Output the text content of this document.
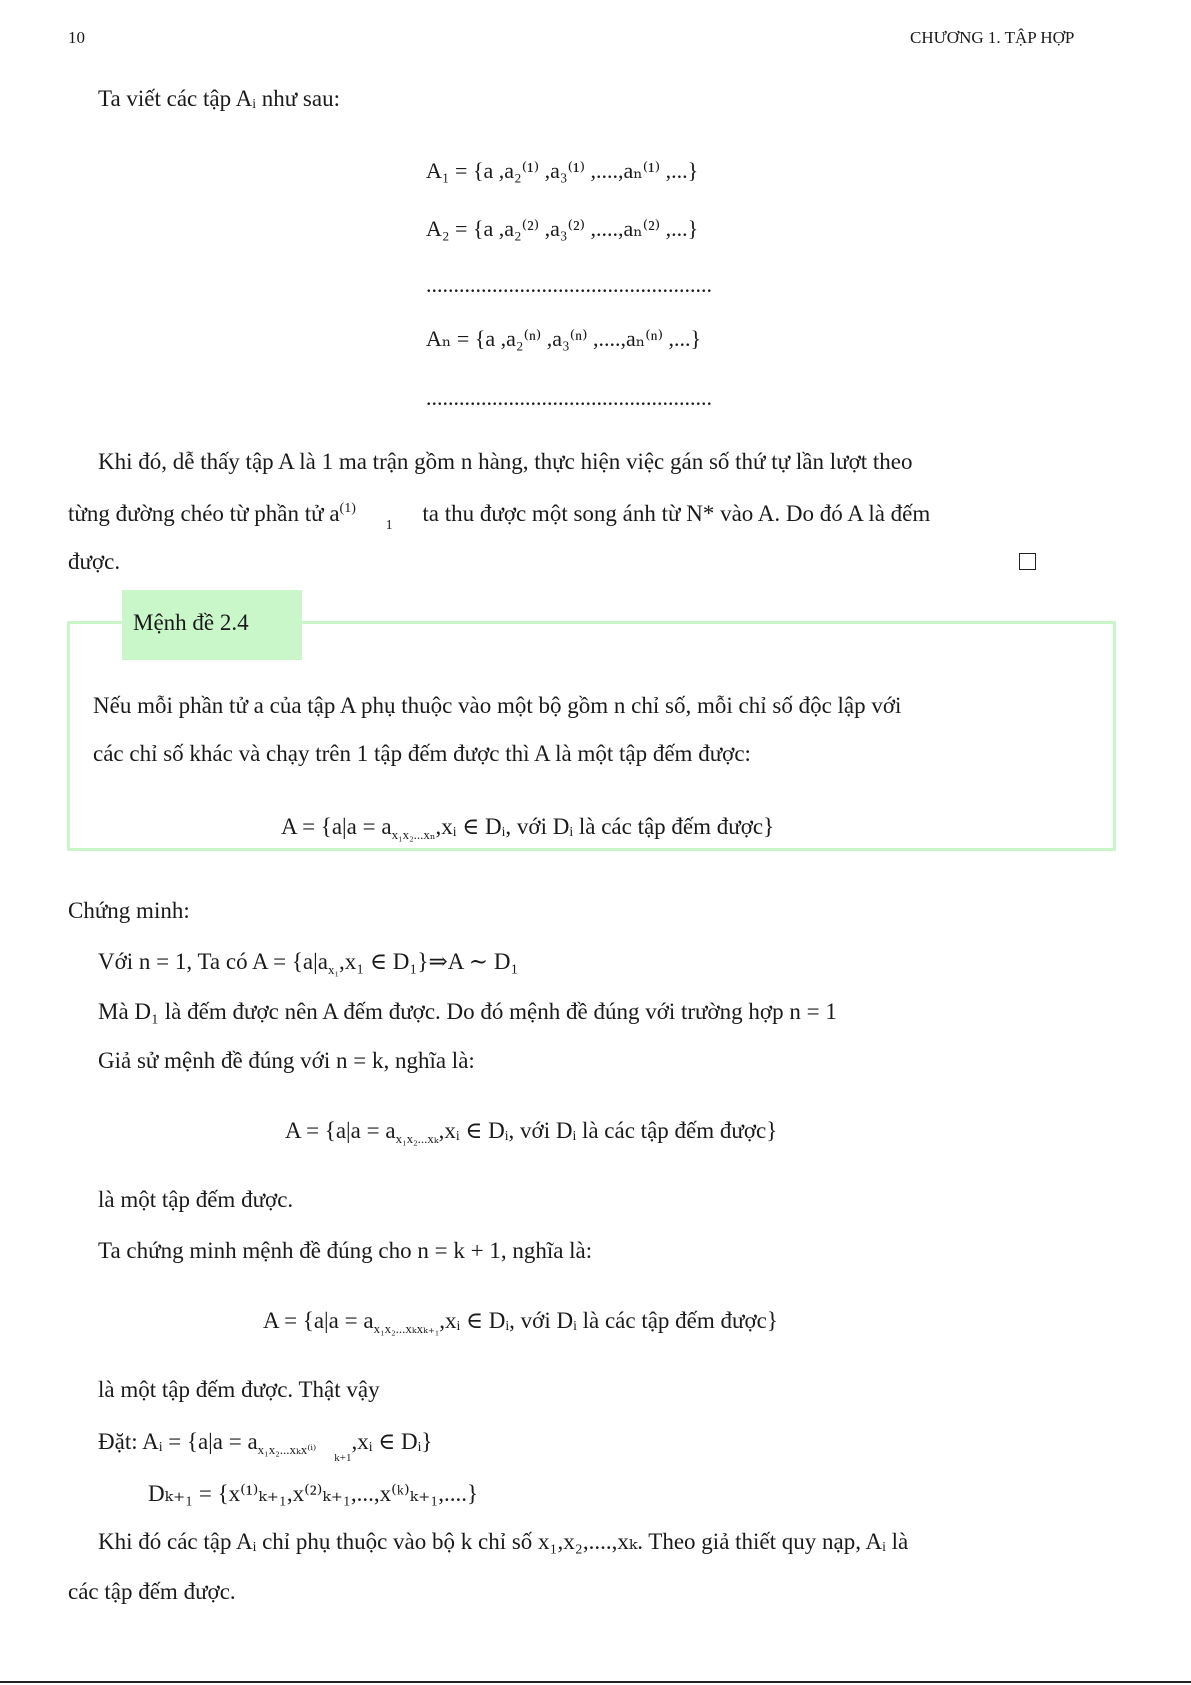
10	CHƯƠNG 1. TẬP HỢP
Ta viết các tập Aᵢ như sau:
A₁ = {a ,a₂⁽¹⁾ ,a₃⁽¹⁾ ,....,aₙ⁽¹⁾ ,...}
A₂ = {a ,a₂⁽²⁾ ,a₃⁽²⁾ ,....,aₙ⁽²⁾ ,...}
....................................................
Aₙ = {a ,a₂⁽ⁿ⁾ ,a₃⁽ⁿ⁾ ,....,aₙ⁽ⁿ⁾ ,...}
....................................................
Khi đó, dễ thấy tập A là 1 ma trận gồm n hàng, thực hiện việc gán số thứ tự lần lượt theo
từng đường chéo từ phần tử $a^{(1)}$ $_1$ ta thu được một song ánh từ N* vào A. Do đó A là đếm
được.
Mệnh đề 2.4
Nếu mỗi phần tử a của tập A phụ thuộc vào một bộ gồm n chỉ số, mỗi chỉ số độc lập với
các chỉ số khác và chạy trên 1 tập đếm được thì A là một tập đếm được:
$A = \{a|a = a_{x_1x_2...x_n},xᵢ$ ∈ Dᵢ, với Dᵢ là các tập đếm được}
Chứng minh:
Với n = 1, Ta có $A = \{a|a_{x_1},x_1$ ∈ D₁}⇒A ∼ D₁
Mà D₁ là đếm được nên A đếm được. Do đó mệnh đề đúng với trường hợp n = 1
Giả sử mệnh đề đúng với n = k, nghĩa là:
$A = \{a|a = a_{x_1x_2...x_k},xᵢ$ ∈ Dᵢ, với Dᵢ là các tập đếm được}
là một tập đếm được.
Ta chứng minh mệnh đề đúng cho n = k + 1, nghĩa là:
$A = \{a|a = a_{x_1x_2...x_kx_{k+1}},xᵢ$ ∈ Dᵢ, với Dᵢ là các tập đếm được}
là một tập đếm được. Thật vậy
Đặt: Aᵢ = {$a|a = a_{x_1x_2...x_kx^{(i)}k+1},xᵢ$ ∈ Dᵢ}
Dₖ₊₁ = {x⁽¹⁾ₖ₊₁,x⁽²⁾ₖ₊₁,...,x⁽ᵏ⁾ₖ₊₁,....}
Khi đó các tập Aᵢ chỉ phụ thuộc vào bộ k chỉ số x₁,x₂,....,xₖ. Theo giả thiết quy nạp, Aᵢ là
các tập đếm được.
